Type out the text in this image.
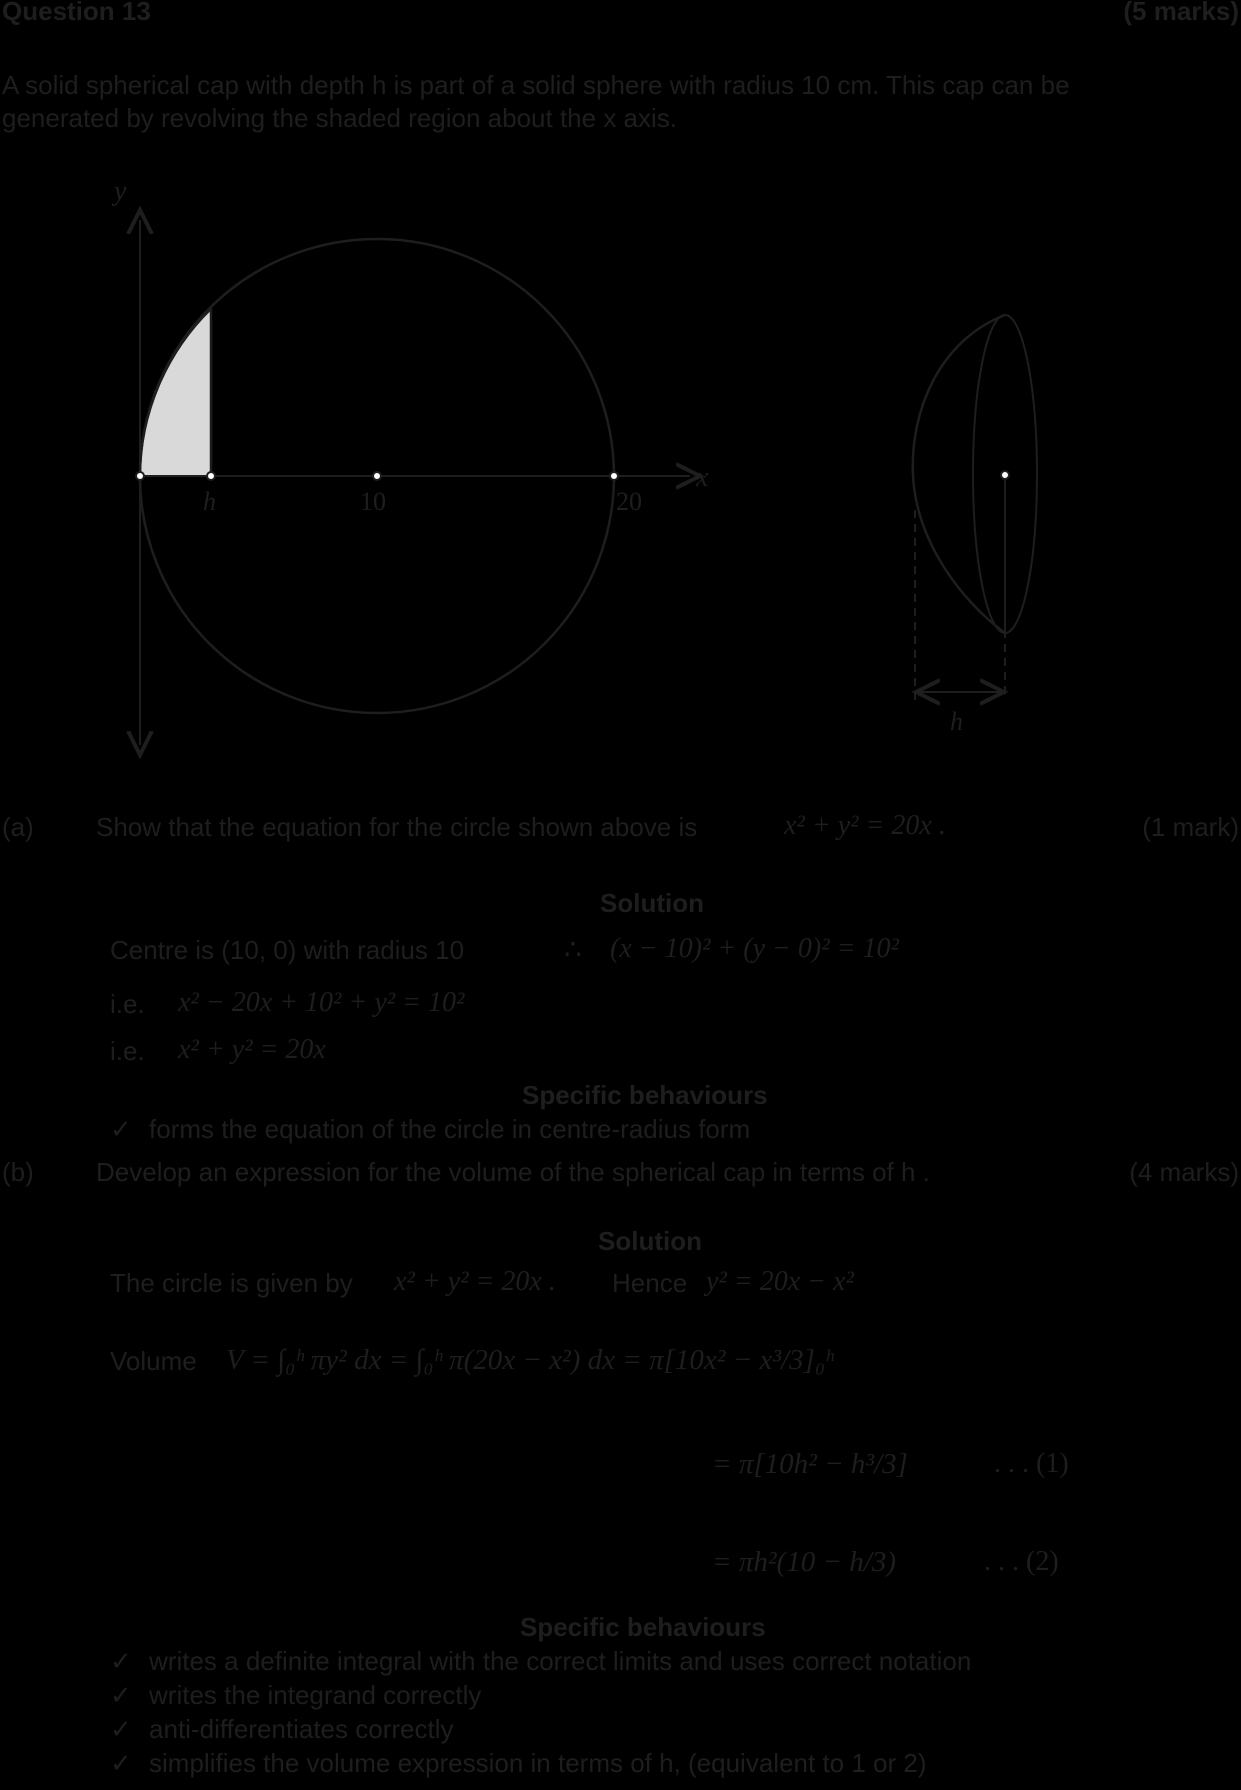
Question 13	(5 marks)
A solid spherical cap with depth h is part of a solid sphere with radius 10 cm. This cap can be
generated by revolving the shaded region about the x axis.
y
x
h	10	20
h
(a) Show that the equation for the circle shown above is	x² + y² = 20x .	(1 mark)
Solution
Centre is (10, 0) with radius 10	∴ (x − 10)² + (y − 0)² = 10²
i.e. x² − 20x + 10² + y² = 10²
i.e. x² + y² = 20x
Specific behaviours
✓ forms the equation of the circle in centre-radius form
(b) Develop an expression for the volume of the spherical cap in terms of h .	(4 marks)
Solution
The circle is given by x² + y² = 20x . Hence y² = 20x − x²
Volume V = ∫₀ʰ πy² dx = ∫₀ʰ π(20x − x²) dx = π[10x² − x³/3]₀ʰ
= π[10h² − h³/3]	. . . (1)
= πh²(10 − h/3)	. . . (2)
Specific behaviours
✓ writes a definite integral with the correct limits and uses correct notation
✓ writes the integrand correctly
✓ anti-differentiates correctly
✓ simplifies the volume expression in terms of h, (equivalent to 1 or 2)
